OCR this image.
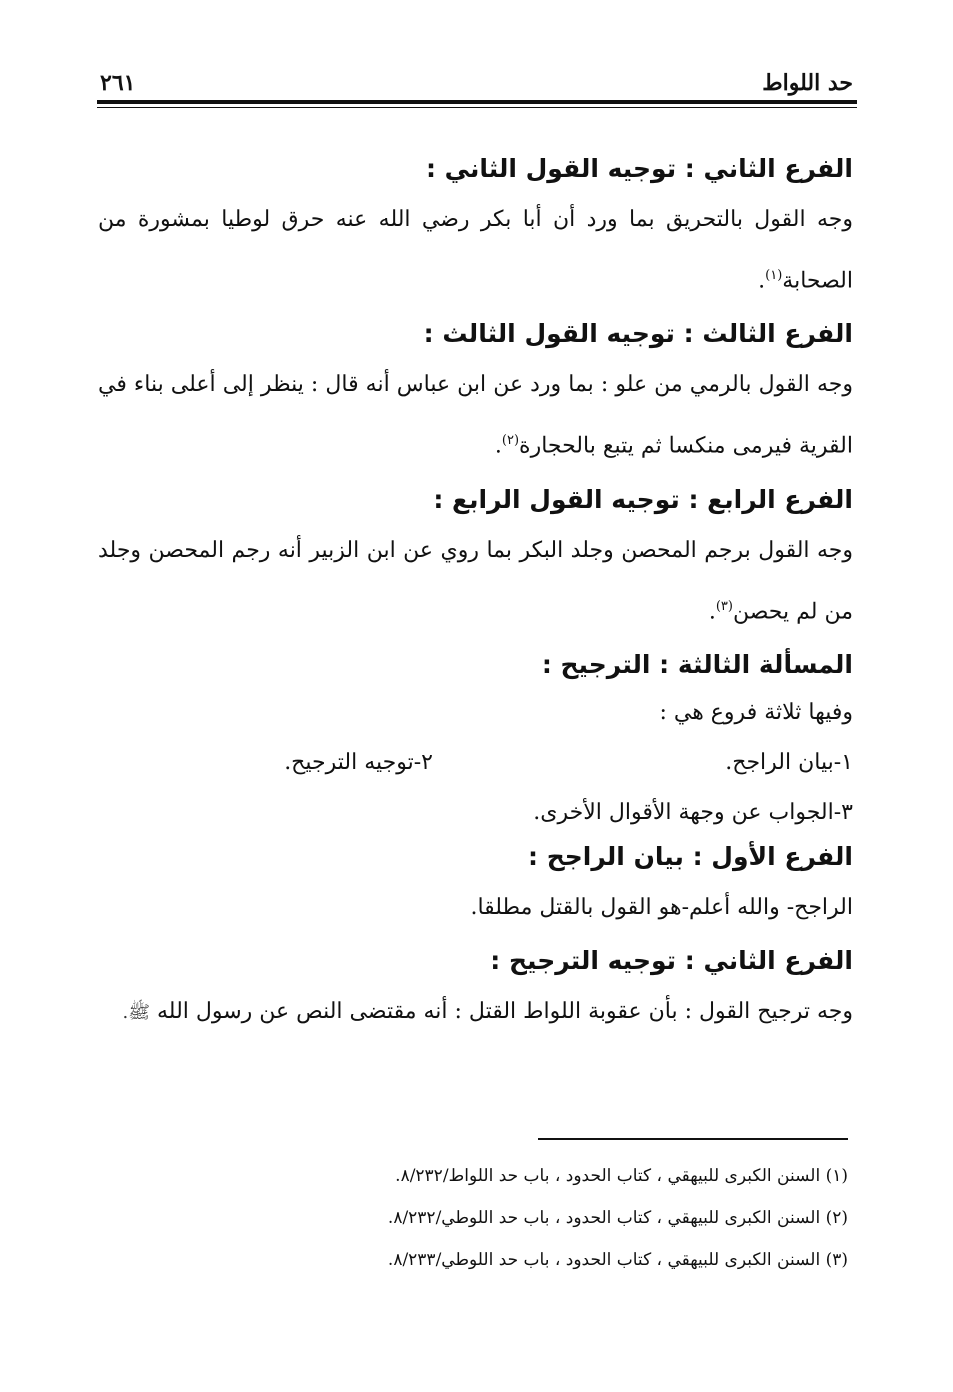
حد اللواط
٢٦١
الفرع الثاني : توجيه القول الثاني :

وجه القول بالتحريق بما ورد أن أبا بكر رضي الله عنه حرق لوطيا بمشورة من الصحابة$^{(١)}$.

الفرع الثالث : توجيه القول الثالث :

وجه القول بالرمي من علو : بما ورد عن ابن عباس أنه قال : ينظر إلى أعلى بناء في القرية فيرمى منكسا ثم يتبع بالحجارة$^{(٢)}$.

الفرع الرابع : توجيه القول الرابع :

وجه القول برجم المحصن وجلد البكر بما روي عن ابن الزبير أنه رجم المحصن وجلد من لم يحصن$^{(٣)}$.

المسألة الثالثة : الترجيح :
وفيها ثلاثة فروع هي :
١-بيان الراجح.
٢-توجيه الترجيح.
٣-الجواب عن وجهة الأقوال الأخرى.
الفرع الأول : بيان الراجح :

الراجح- والله أعلم-هو القول بالقتل مطلقا.

الفرع الثاني : توجيه الترجيح :

وجه ترجيح القول : بأن عقوبة اللواط القتل : أنه مقتضى النص عن رسول الله ﷺ.

(١) السنن الكبرى للبيهقي ، كتاب الحدود ، باب حد اللواط/٨/٢٣٢.
(٢) السنن الكبرى للبيهقي ، كتاب الحدود ، باب حد اللوطي/٨/٢٣٢.
(٣) السنن الكبرى للبيهقي ، كتاب الحدود ، باب حد اللوطي/٨/٢٣٣.
